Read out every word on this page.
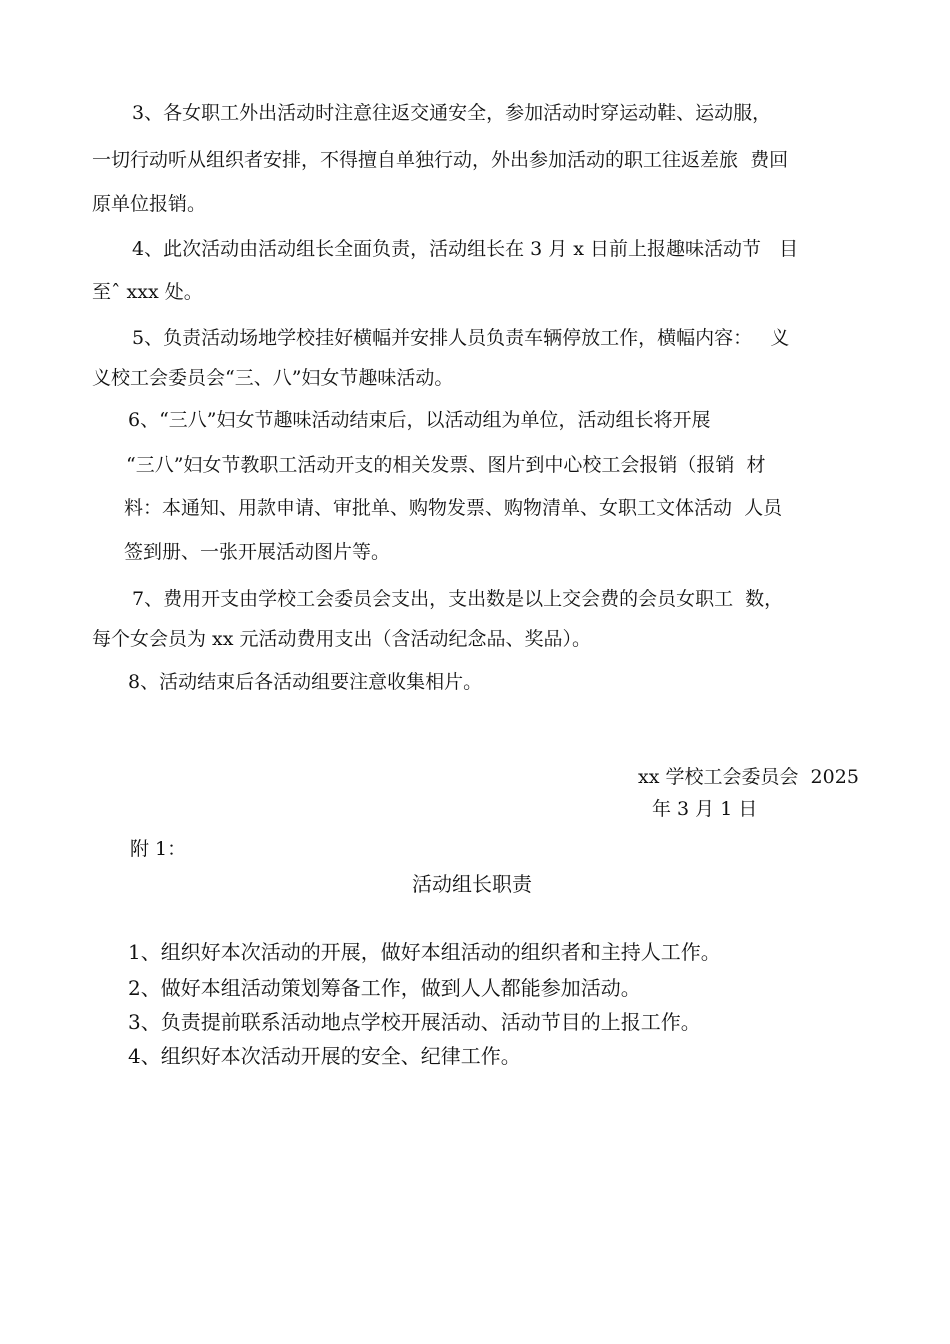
3、各女职工外出活动时注意往返交通安全，参加活动时穿运动鞋、运动服，
一切行动听从组织者安排，不得擅自单独行动，外出参加活动的职工往返差旅  费回
原单位报销。
4、此次活动由活动组长全面负责，活动组长在 3 月 x 日前上报趣味活动节   目
至ˆ xxx 处。
5、负责活动场地学校挂好横幅并安排人员负责车辆停放工作，横幅内容：   义
义校工会委员会“三、八”妇女节趣味活动。
6、“三八”妇女节趣味活动结束后，以活动组为单位，活动组长将开展
“三八”妇女节教职工活动开支的相关发票、图片到中心校工会报销（报销  材
料：本通知、用款申请、审批单、购物发票、购物清单、女职工文体活动  人员
签到册、一张开展活动图片等。
7、费用开支由学校工会委员会支出，支出数是以上交会费的会员女职工  数，
每个女会员为 xx 元活动费用支出（含活动纪念品、奖品）。
8、活动结束后各活动组要注意收集相片。
xx 学校工会委员会  2025
年 3 月 1 日
附 1：
活动组长职责
1、组织好本次活动的开展，做好本组活动的组织者和主持人工作。
2、做好本组活动策划筹备工作，做到人人都能参加活动。
3、负责提前联系活动地点学校开展活动、活动节目的上报工作。
4、组织好本次活动开展的安全、纪律工作。
